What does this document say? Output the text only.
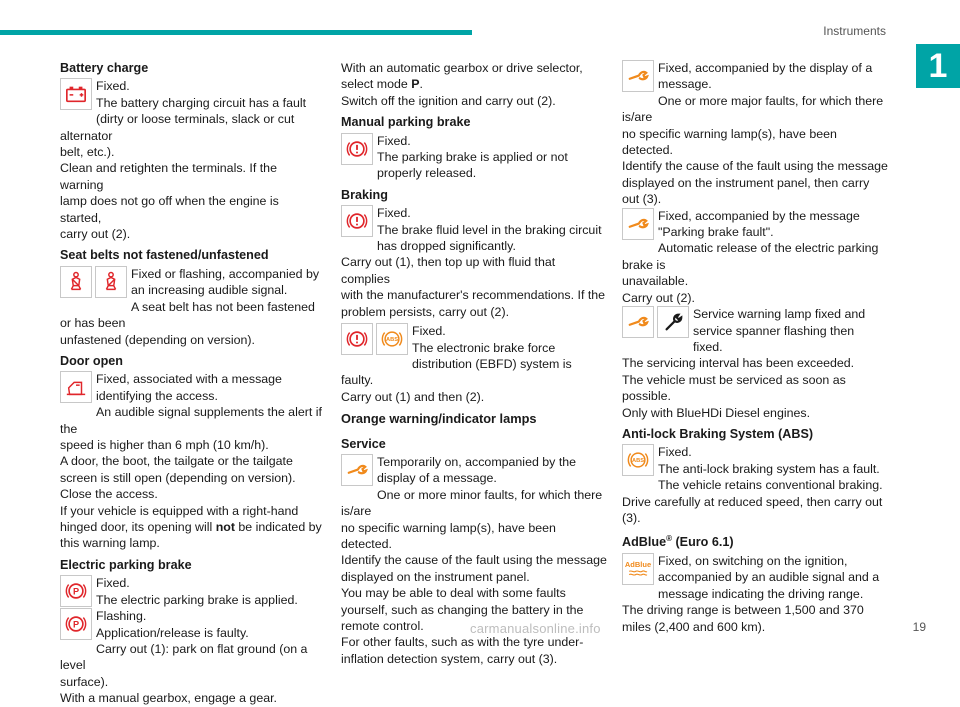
Instruments
1
Battery charge
Fixed.
The battery charging circuit has a fault
(dirty or loose terminals, slack or cut alternator
belt, etc.).
Clean and retighten the terminals. If the warning
lamp does not go off when the engine is started,
carry out (2).
Seat belts not fastened/unfastened
Fixed or flashing, accompanied by
an increasing audible signal.
A seat belt has not been fastened or has been
unfastened (depending on version).
Door open
Fixed, associated with a message
identifying the access.
An audible signal supplements the alert if the
speed is higher than 6 mph (10 km/h).
A door, the boot, the tailgate or the tailgate
screen is still open (depending on version).
Close the access.
If your vehicle is equipped with a right-hand
hinged door, its opening will not be indicated by
this warning lamp.
Electric parking brake
P
Fixed.
The electric parking brake is applied.
P
Flashing.
Application/release is faulty.
Carry out (1): park on flat ground (on a level
surface).
With a manual gearbox, engage a gear.
With an automatic gearbox or drive selector,
select mode P.
Switch off the ignition and carry out (2).
Manual parking brake
Fixed.
The parking brake is applied or not
properly released.
Braking
Fixed.
The brake fluid level in the braking circuit
has dropped significantly.
Carry out (1), then top up with fluid that complies
with the manufacturer's recommendations. If the
problem persists, carry out (2).
ABS
Fixed.
The electronic brake force
distribution (EBFD) system is faulty.
Carry out (1) and then (2).
Orange warning/indicator lamps
Service
Temporarily on, accompanied by the
display of a message.
One or more minor faults, for which there is/are
no specific warning lamp(s), have been detected.
Identify the cause of the fault using the message
displayed on the instrument panel.
You may be able to deal with some faults
yourself, such as changing the battery in the
remote control.
For other faults, such as with the tyre under-
inflation detection system, carry out (3).
Fixed, accompanied by the display of a
message.
One or more major faults, for which there is/are
no specific warning lamp(s), have been detected.
Identify the cause of the fault using the message
displayed on the instrument panel, then carry
out (3).
Fixed, accompanied by the message
"Parking brake fault".
Automatic release of the electric parking brake is
unavailable.
Carry out (2).
Service warning lamp fixed and
service spanner flashing then
fixed.
The servicing interval has been exceeded.
The vehicle must be serviced as soon as
possible.
Only with BlueHDi Diesel engines.
Anti-lock Braking System (ABS)
ABS
Fixed.
The anti-lock braking system has a fault.
The vehicle retains conventional braking.
Drive carefully at reduced speed, then carry out
(3).
AdBlue® (Euro 6.1)
AdBlue Fixed, on switching on the ignition,
accompanied by an audible signal and a
message indicating the driving range.
The driving range is between 1,500 and 370
miles (2,400 and 600 km).
carmanualsonline.info	19
